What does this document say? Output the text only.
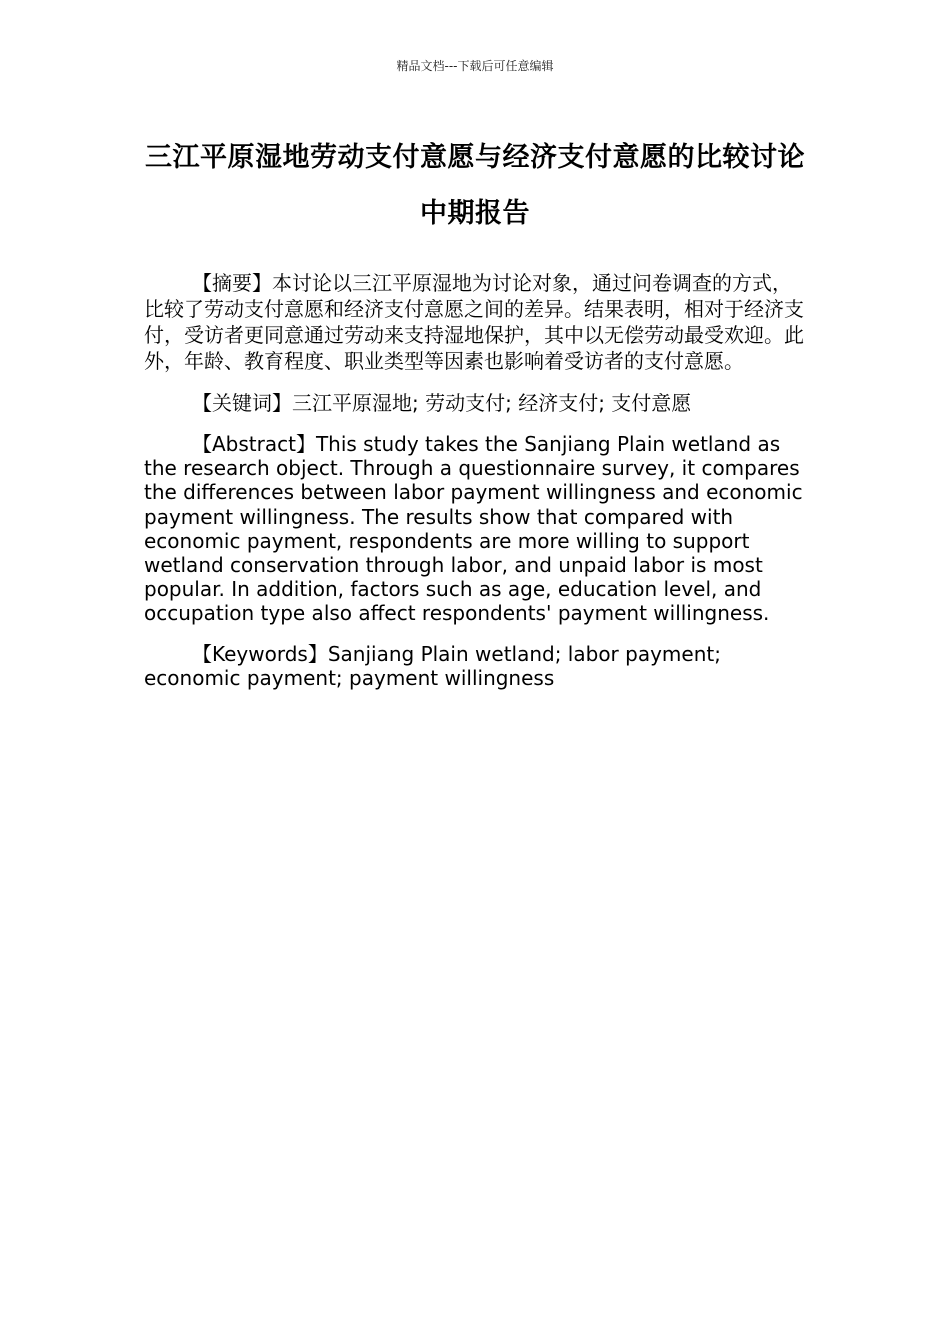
精品文档---下载后可任意编辑
三江平原湿地劳动支付意愿与经济支付意愿的比较讨论中期报告

【摘要】本讨论以三江平原湿地为讨论对象，通过问卷调查的方式，比较了劳动支付意愿和经济支付意愿之间的差异。结果表明，相对于经济支付，受访者更同意通过劳动来支持湿地保护，其中以无偿劳动最受欢迎。此外，年龄、教育程度、职业类型等因素也影响着受访者的支付意愿。

【关键词】三江平原湿地; 劳动支付; 经济支付; 支付意愿

【Abstract】This study takes the Sanjiang Plain wetland as the research object. Through a questionnaire survey, it compares the differences between labor payment willingness and economic payment willingness. The results show that compared with economic payment, respondents are more willing to support wetland conservation through labor, and unpaid labor is most popular. In addition, factors such as age, education level, and occupation type also affect respondents' payment willingness.

【Keywords】Sanjiang Plain wetland; labor payment; economic payment; payment willingness
